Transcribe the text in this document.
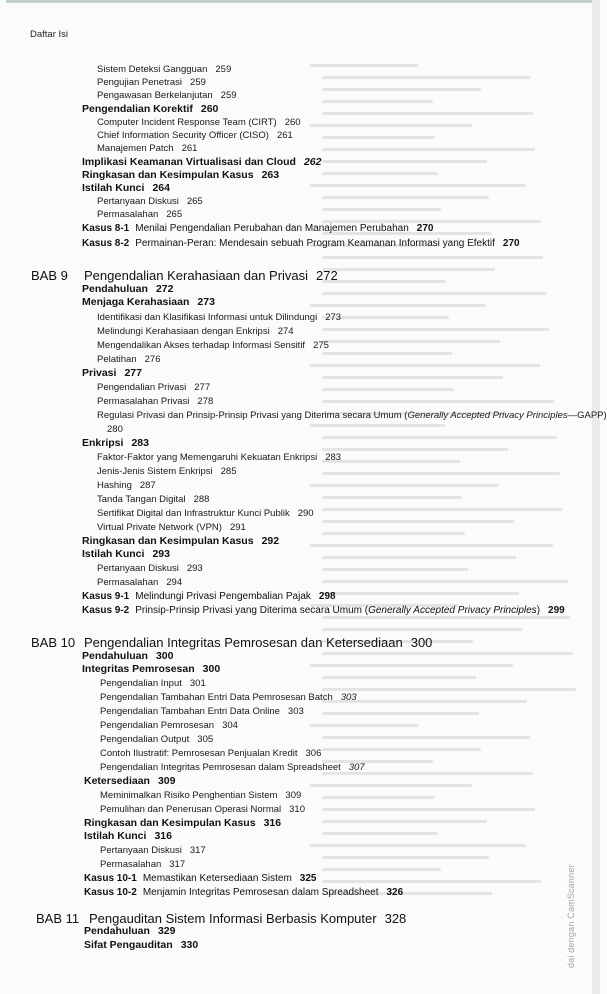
Daftar Isi
Sistem Deteksi Gangguan 259
Pengujian Penetrasi 259
Pengawasan Berkelanjutan 259
Pengendalian Korektif 260
Computer Incident Response Team (CIRT) 260
Chief Information Security Officer (CISO) 261
Manajemen Patch 261
Implikasi Keamanan Virtualisasi dan Cloud 262
Ringkasan dan Kesimpulan Kasus 263
Istilah Kunci 264
Pertanyaan Diskusi 265
Permasalahan 265
Kasus 8-1 Menilai Pengendalian Perubahan dan Manajemen Perubahan 270
Kasus 8-2 Permainan-Peran: Mendesain sebuah Program Keamanan Informasi yang Efektif 270
BAB 9 Pengendalian Kerahasiaan dan Privasi 272
Pendahuluan 272
Menjaga Kerahasiaan 273
Identifikasi dan Klasifikasi Informasi untuk Dilindungi 273
Melindungi Kerahasiaan dengan Enkripsi 274
Mengendalikan Akses terhadap Informasi Sensitif 275
Pelatihan 276
Privasi 277
Pengendalian Privasi 277
Permasalahan Privasi 278
Regulasi Privasi dan Prinsip-Prinsip Privasi yang Diterima secara Umum (Generally Accepted Privacy Principles—GAPP)
280
Enkripsi 283
Faktor-Faktor yang Memengaruhi Kekuatan Enkripsi 283
Jenis-Jenis Sistem Enkripsi 285
Hashing 287
Tanda Tangan Digital 288
Sertifikat Digital dan Infrastruktur Kunci Publik 290
Virtual Private Network (VPN) 291
Ringkasan dan Kesimpulan Kasus 292
Istilah Kunci 293
Pertanyaan Diskusi 293
Permasalahan 294
Kasus 9-1 Melindungi Privasi Pengembalian Pajak 298
Kasus 9-2 Prinsip-Prinsip Privasi yang Diterima secara Umum (Generally Accepted Privacy Principles) 299
BAB 10 Pengendalian Integritas Pemrosesan dan Ketersediaan 300
Pendahuluan 300
Integritas Pemrosesan 300
Pengendalian Input 301
Pengendalian Tambahan Entri Data Pemrosesan Batch 303
Pengendalian Tambahan Entri Data Online 303
Pengendalian Pemrosesan 304
Pengendalian Output 305
Contoh Ilustratif: Pemrosesan Penjualan Kredit 306
Pengendalian Integritas Pemrosesan dalam Spreadsheet 307
Ketersediaan 309
Meminimalkan Risiko Penghentian Sistem 309
Pemulihan dan Penerusan Operasi Normal 310
Ringkasan dan Kesimpulan Kasus 316
Istilah Kunci 316
Pertanyaan Diskusi 317
Permasalahan 317
Kasus 10-1 Memastikan Ketersediaan Sistem 325
Kasus 10-2 Menjamin Integritas Pemrosesan dalam Spreadsheet 326
BAB 11 Pengauditan Sistem Informasi Berbasis Komputer 328
Pendahuluan 329
Sifat Pengauditan 330	dai dengan CamScanner
